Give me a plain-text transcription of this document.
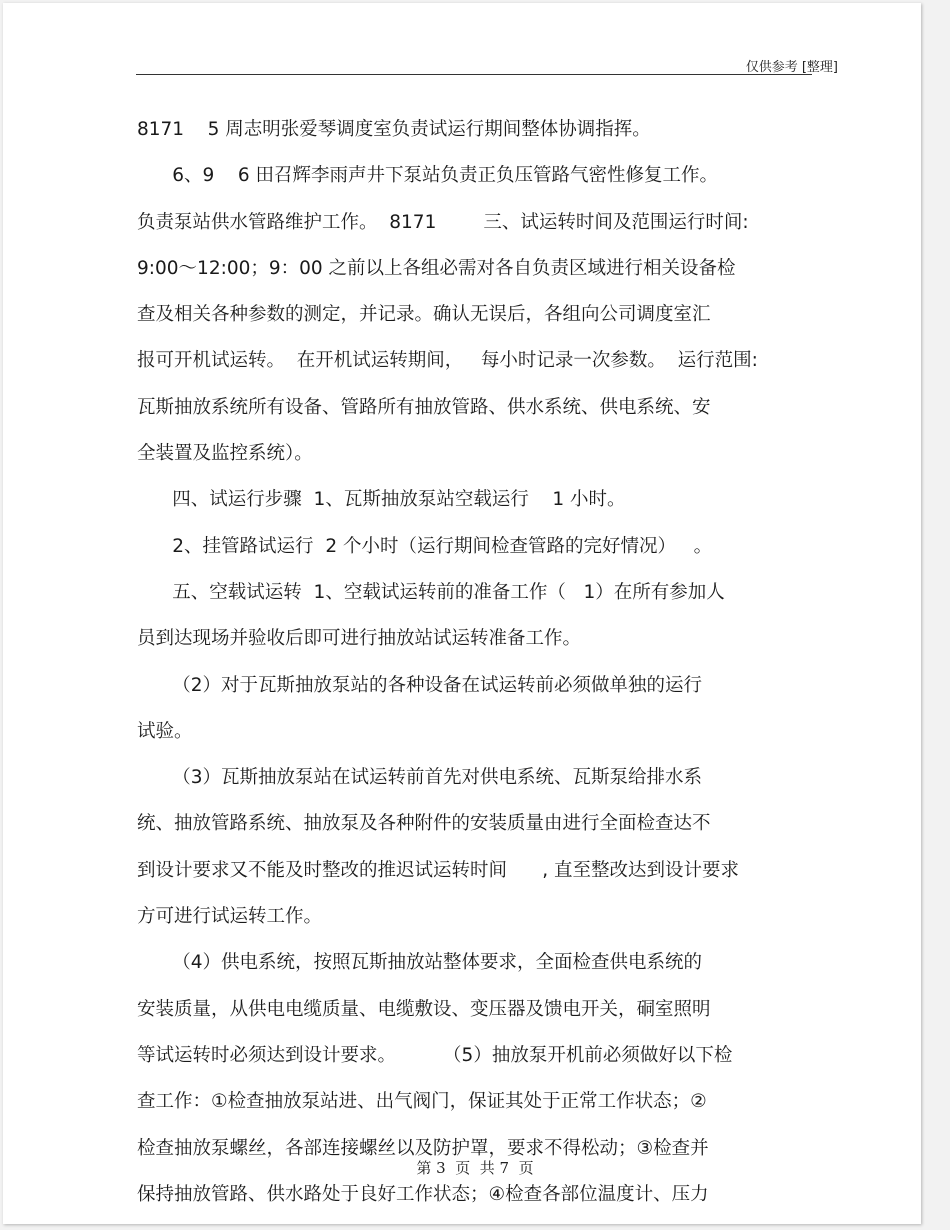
仅供参考 [整理]
8171    5 周志明张爱琴调度室负责试运行期间整体协调指挥。
6、9    6 田召辉李雨声井下泵站负责正负压管路气密性修复工作。
负责泵站供水管路维护工作。  8171        三、试运转时间及范围运行时间:
9:00～12:00；9：00 之前以上各组必需对各自负责区域进行相关设备检
查及相关各种参数的测定，并记录。确认无误后，各组向公司调度室汇
报可开机试运转。  在开机试运转期间，   每小时记录一次参数。  运行范围:
瓦斯抽放系统所有设备、管路所有抽放管路、供水系统、供电系统、安
全装置及监控系统）。
四、试运行步骤  1、瓦斯抽放泵站空载运行    1 小时。
2、挂管路试运行  2 个小时（运行期间检查管路的完好情况）   。
五、空载试运转  1、空载试运转前的准备工作（   1）在所有参加人
员到达现场并验收后即可进行抽放站试运转准备工作。
（2）对于瓦斯抽放泵站的各种设备在试运转前必须做单独的运行
试验。
（3）瓦斯抽放泵站在试运转前首先对供电系统、瓦斯泵给排水系
统、抽放管路系统、抽放泵及各种附件的安装质量由进行全面检查达不
到设计要求又不能及时整改的推迟试运转时间      , 直至整改达到设计要求
方可进行试运转工作。
（4）供电系统，按照瓦斯抽放站整体要求，全面检查供电系统的
安装质量，从供电电缆质量、电缆敷设、变压器及馈电开关，硐室照明
等试运转时必须达到设计要求。        （5）抽放泵开机前必须做好以下检
查工作：①检查抽放泵站进、出气阀门，保证其处于正常工作状态；②
检查抽放泵螺丝，各部连接螺丝以及防护罩，要求不得松动；③检查并
保持抽放管路、供水路处于良好工作状态；④检查各部位温度计、压力
第 3  页  共 7  页
